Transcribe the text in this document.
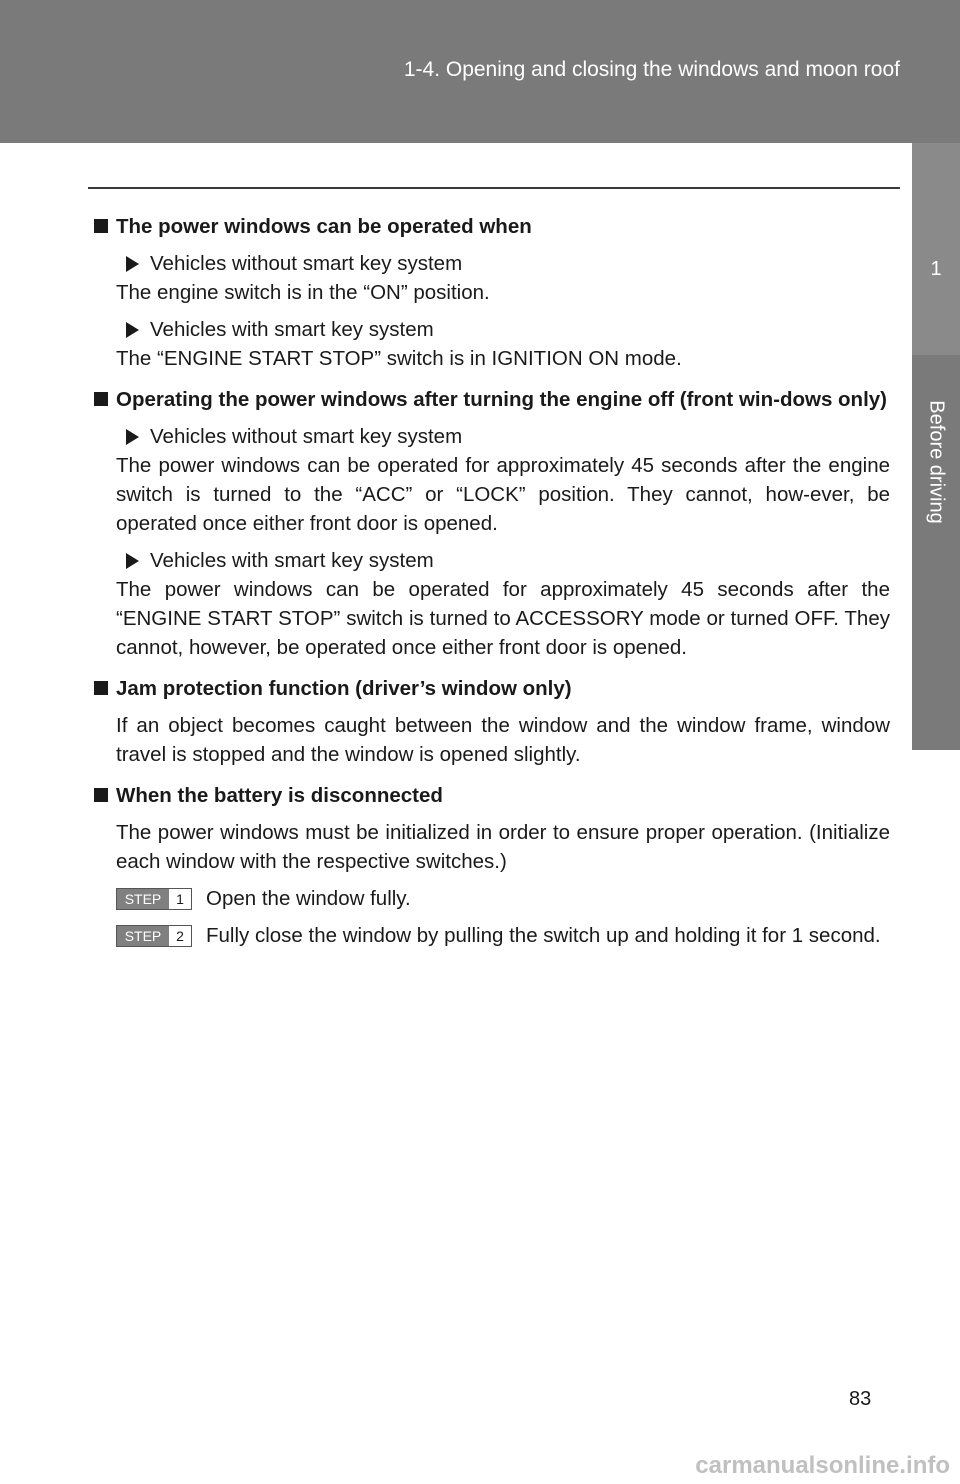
1-4. Opening and closing the windows and moon roof
1
Before driving

The power windows can be operated when

Vehicles without smart key system

The engine switch is in the “ON” position.

Vehicles with smart key system

The “ENGINE START STOP” switch is in IGNITION ON mode.

Operating the power windows after turning the engine off (front win-dows only)

Vehicles without smart key system

The power windows can be operated for approximately 45 seconds after the engine switch is turned to the “ACC” or “LOCK” position. They cannot, how-ever, be operated once either front door is opened.

Vehicles with smart key system

The power windows can be operated for approximately 45 seconds after the “ENGINE START STOP” switch is turned to ACCESSORY mode or turned OFF. They cannot, however, be operated once either front door is opened.

Jam protection function (driver’s window only)

If an object becomes caught between the window and the window frame, window travel is stopped and the window is opened slightly.

When the battery is disconnected

The power windows must be initialized in order to ensure proper operation. (Initialize each window with the respective switches.)

STEP	1	Open the window fully.
STEP	2	Fully close the window by pulling the switch up and holding it for 1 second.
83
carmanualsonline.info
